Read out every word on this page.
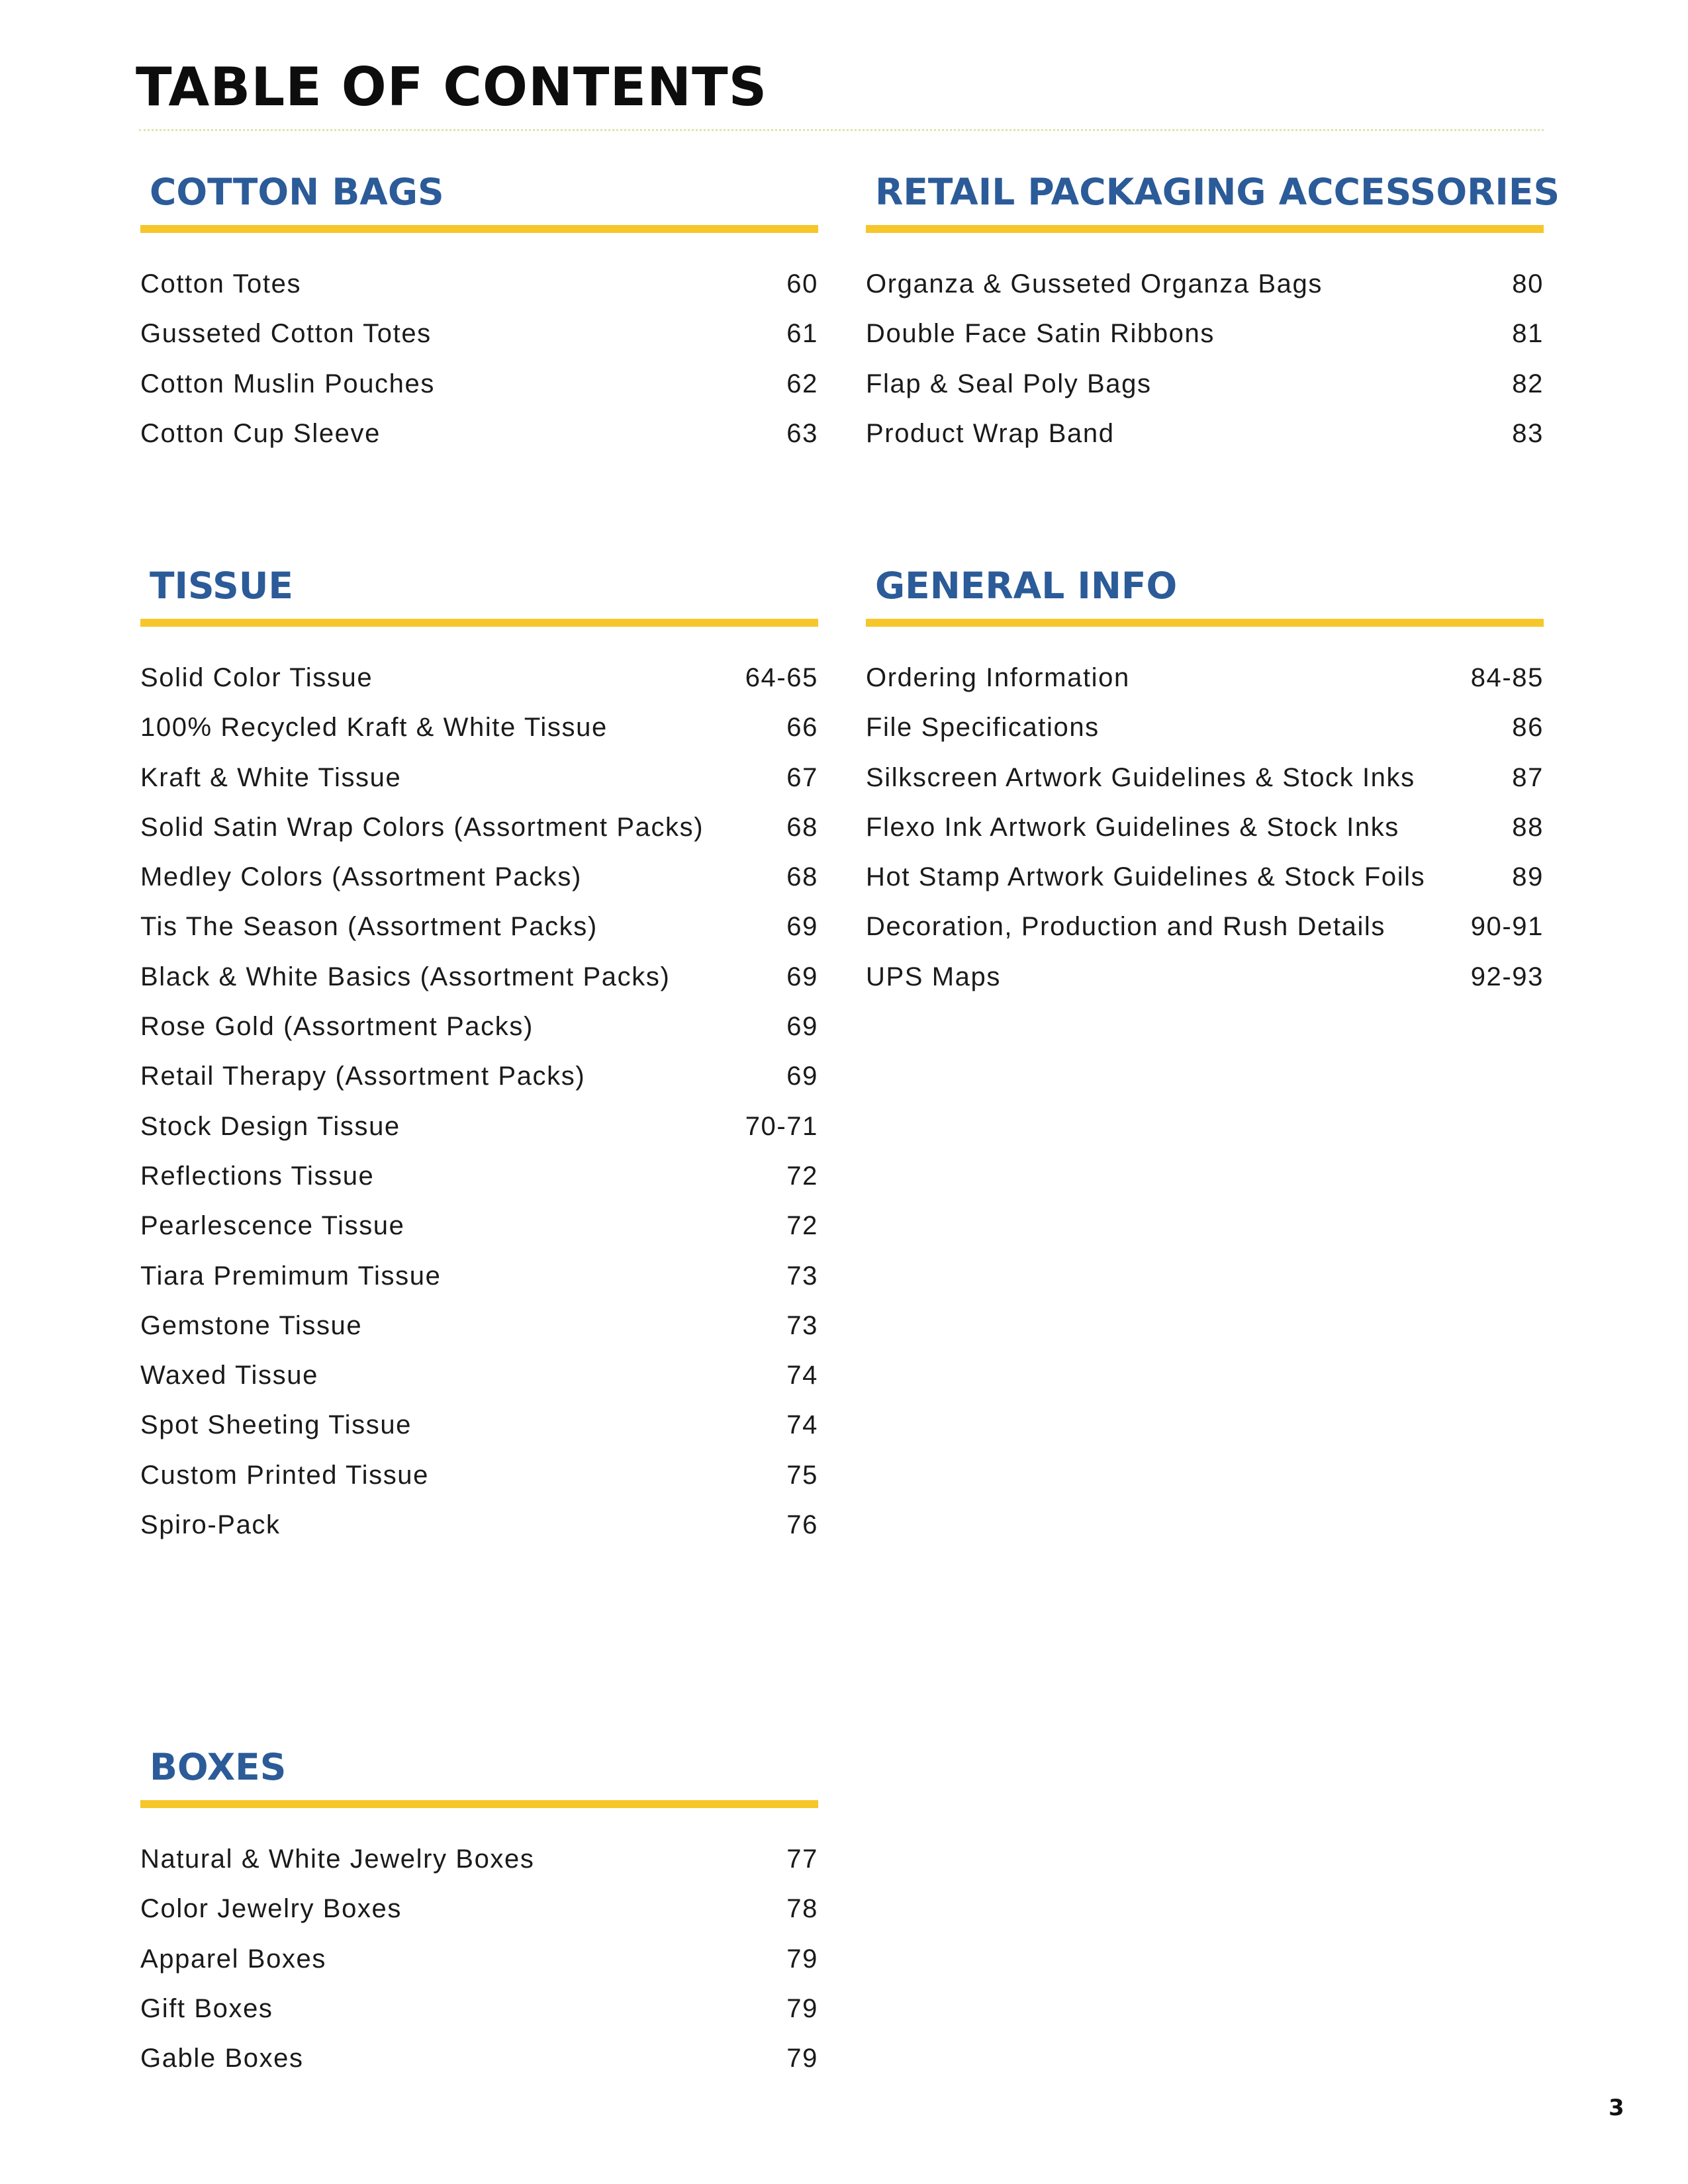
TABLE OF CONTENTS
COTTON BAGS
Cotton Totes	60
Gusseted Cotton Totes	61
Cotton Muslin Pouches	62
Cotton Cup Sleeve	63
RETAIL PACKAGING ACCESSORIES
Organza & Gusseted Organza Bags	80
Double Face Satin Ribbons	81
Flap & Seal Poly Bags	82
Product Wrap Band	83
TISSUE
Solid Color Tissue	64-65
100% Recycled Kraft & White Tissue	66
Kraft & White Tissue	67
Solid Satin Wrap Colors (Assortment Packs)	68
Medley Colors (Assortment Packs)	68
Tis The Season (Assortment Packs)	69
Black & White Basics (Assortment Packs)	69
Rose Gold (Assortment Packs)	69
Retail Therapy (Assortment Packs)	69
Stock Design Tissue	70-71
Reflections Tissue	72
Pearlescence Tissue	72
Tiara Premimum Tissue	73
Gemstone Tissue	73
Waxed Tissue	74
Spot Sheeting Tissue	74
Custom Printed Tissue	75
Spiro-Pack	76
GENERAL INFO
Ordering Information	84-85
File Specifications	86
Silkscreen Artwork Guidelines & Stock Inks	87
Flexo Ink Artwork Guidelines & Stock Inks	88
Hot Stamp Artwork Guidelines & Stock Foils	89
Decoration, Production and Rush Details	90-91
UPS Maps	92-93
BOXES
Natural & White Jewelry Boxes	77
Color Jewelry Boxes	78
Apparel Boxes	79
Gift Boxes	79
Gable Boxes	79
3
